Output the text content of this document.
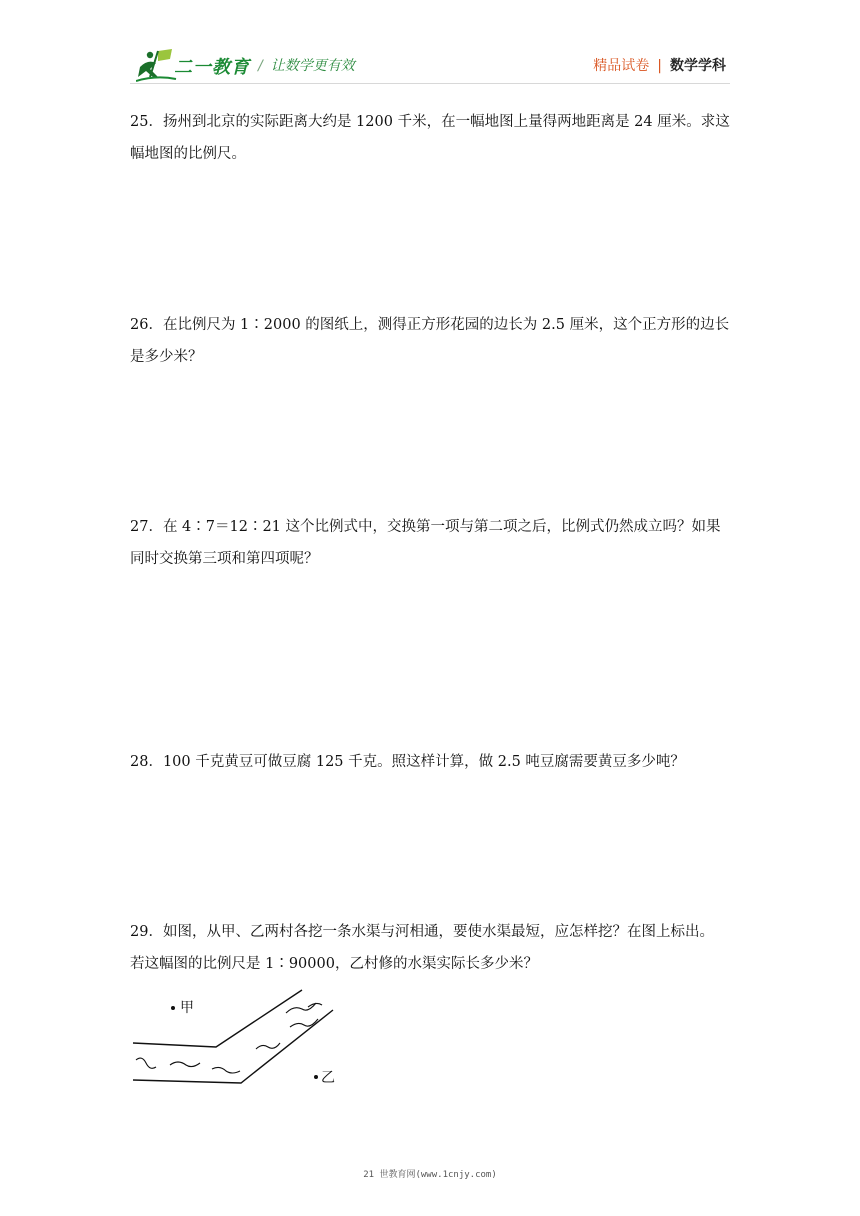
二一教育 / 让数学更有效	精品试卷 | 数学学科
25．扬州到北京的实际距离大约是 1200 千米，在一幅地图上量得两地距离是 24 厘米。求这
幅地图的比例尺。
26．在比例尺为 1∶2000 的图纸上，测得正方形花园的边长为 2.5 厘米，这个正方形的边长
是多少米？
27．在 4∶7＝12∶21 这个比例式中，交换第一项与第二项之后，比例式仍然成立吗？如果
同时交换第三项和第四项呢？
28．100 千克黄豆可做豆腐 125 千克。照这样计算，做 2.5 吨豆腐需要黄豆多少吨？
29．如图，从甲、乙两村各挖一条水渠与河相通，要使水渠最短，应怎样挖？在图上标出。
若这幅图的比例尺是 1∶90000，乙村修的水渠实际长多少米？
甲
乙
21 世教育网(www.1cnjy.com)
